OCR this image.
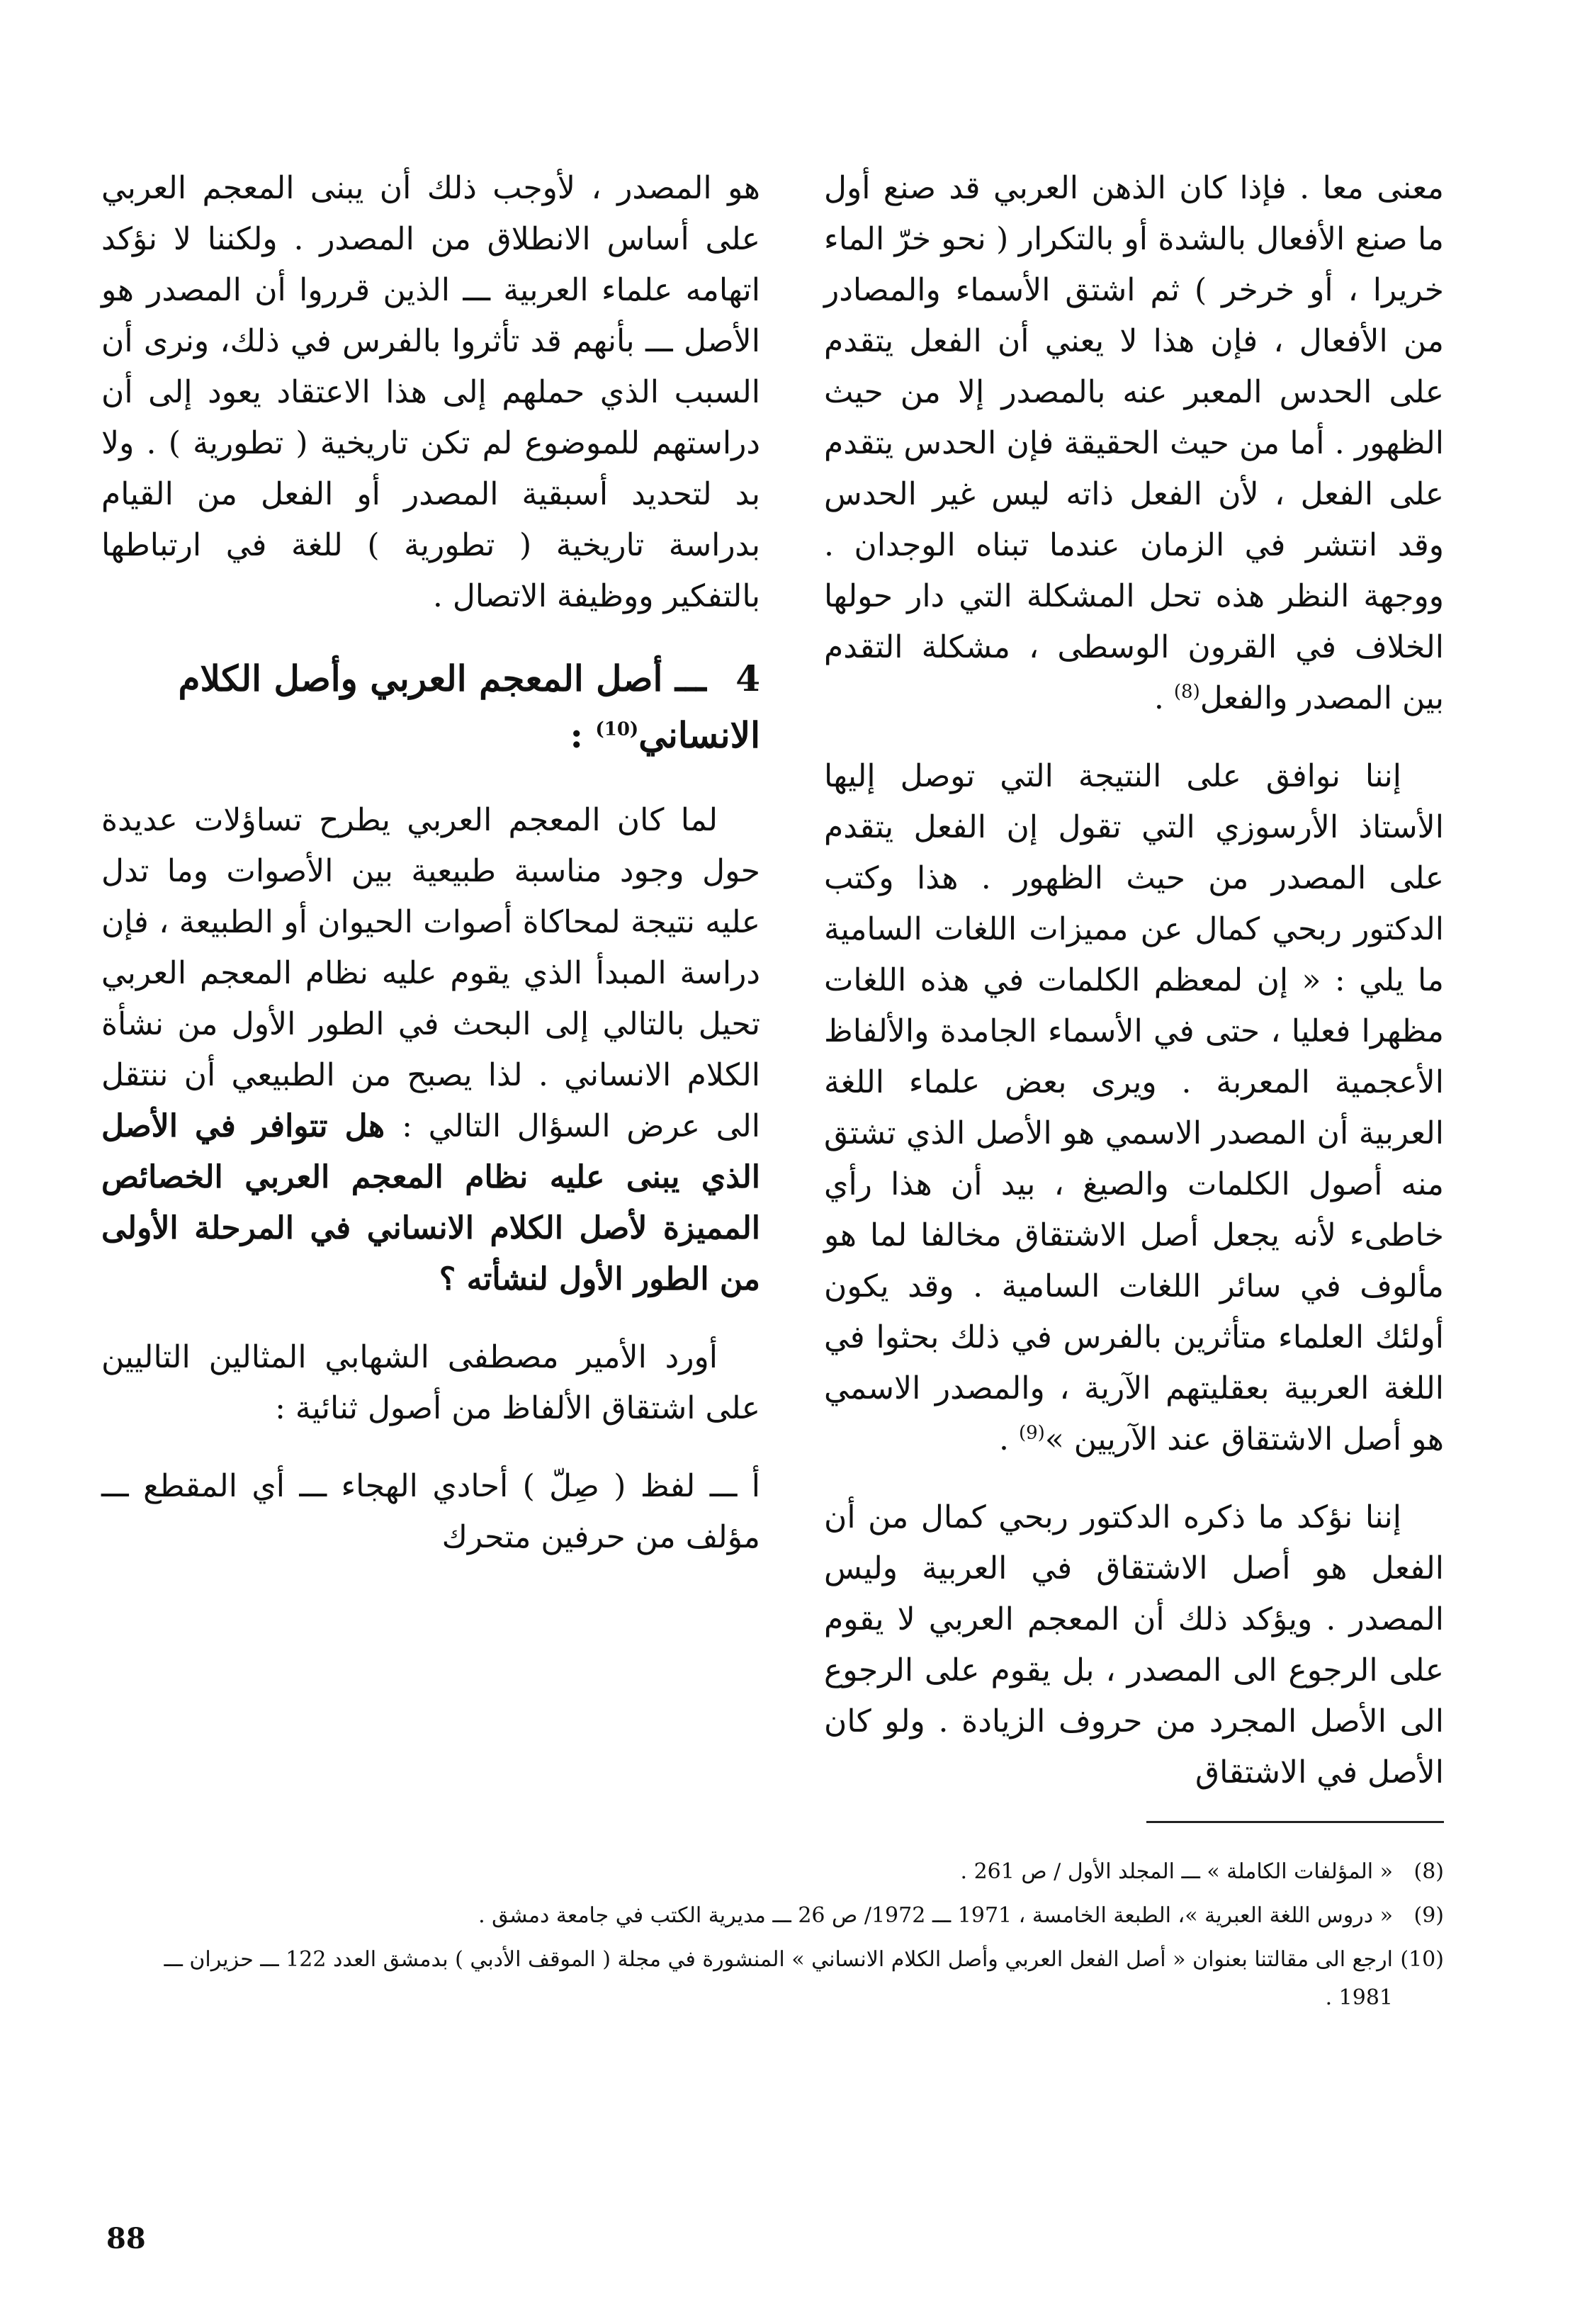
معنى معا . فإذا كان الذهن العربي قد صنع أول ما صنع الأفعال بالشدة أو بالتكرار ( نحو خرّ الماء خريرا ، أو خرخر ) ثم اشتق الأسماء والمصادر من الأفعال ، فإن هذا لا يعني أن الفعل يتقدم على الحدس المعبر عنه بالمصدر إلا من حيث الظهور . أما من حيث الحقيقة فإن الحدس يتقدم على الفعل ، لأن الفعل ذاته ليس غير الحدس وقد انتشر في الزمان عندما تبناه الوجدان . ووجهة النظر هذه تحل المشكلة التي دار حولها الخلاف في القرون الوسطى ، مشكلة التقدم بين المصدر والفعل$^{(8)}$ .

إننا نوافق على النتيجة التي توصل إليها الأستاذ الأرسوزي التي تقول إن الفعل يتقدم على المصدر من حيث الظهور . هذا وكتب الدكتور ربحي كمال عن مميزات اللغات السامية ما يلي : « إن لمعظم الكلمات في هذه اللغات مظهرا فعليا ، حتى في الأسماء الجامدة والألفاظ الأعجمية المعربة . ويرى بعض علماء اللغة العربية أن المصدر الاسمي هو الأصل الذي تشتق منه أصول الكلمات والصيغ ، بيد أن هذا رأي خاطىء لأنه يجعل أصل الاشتقاق مخالفا لما هو مألوف في سائر اللغات السامية . وقد يكون أولئك العلماء متأثرين بالفرس في ذلك بحثوا في اللغة العربية بعقليتهم الآرية ، والمصدر الاسمي هو أصل الاشتقاق عند الآريين »$^{(9)}$ .

إننا نؤكد ما ذكره الدكتور ربحي كمال من أن الفعل هو أصل الاشتقاق في العربية وليس المصدر . ويؤكد ذلك أن المعجم العربي لا يقوم على الرجوع الى المصدر ، بل يقوم على الرجوع الى الأصل المجرد من حروف الزيادة . ولو كان الأصل في الاشتقاق

هو المصدر ، لأوجب ذلك أن يبنى المعجم العربي على أساس الانطلاق من المصدر . ولكننا لا نؤكد اتهامه علماء العربية ـــ الذين قرروا أن المصدر هو الأصل ـــ بأنهم قد تأثروا بالفرس في ذلك، ونرى أن السبب الذي حملهم إلى هذا الاعتقاد يعود إلى أن دراستهم للموضوع لم تكن تاريخية ( تطورية ) . ولا بد لتحديد أسبقية المصدر أو الفعل من القيام بدراسة تاريخية ( تطورية ) للغة في ارتباطها بالتفكير ووظيفة الاتصال .

4 ـــ أصل المعجم العربي وأصل الكلام الانساني$^{(10)}$ :

لما كان المعجم العربي يطرح تساؤلات عديدة حول وجود مناسبة طبيعية بين الأصوات وما تدل عليه نتيجة لمحاكاة أصوات الحيوان أو الطبيعة ، فإن دراسة المبدأ الذي يقوم عليه نظام المعجم العربي تحيل بالتالي إلى البحث في الطور الأول من نشأة الكلام الانساني . لذا يصبح من الطبيعي أن ننتقل الى عرض السؤال التالي : هل تتوافر في الأصل الذي يبنى عليه نظام المعجم العربي الخصائص المميزة لأصل الكلام الانساني في المرحلة الأولى من الطور الأول لنشأته ؟

أورد الأمير مصطفى الشهابي المثالين التاليين على اشتقاق الألفاظ من أصول ثنائية :

أ ـــ لفظ ( صِلّ ) أحادي الهجاء ـــ أي المقطع ـــ مؤلف من حرفين متحرك

(8)
« المؤلفات الكاملة » ـــ المجلد الأول / ص 261 .
(9)
« دروس اللغة العبرية »، الطبعة الخامسة ، 1971 ـــ 1972/ ص 26 ـــ مديرية الكتب في جامعة دمشق .
(10)
ارجع الى مقالتنا بعنوان « أصل الفعل العربي وأصل الكلام الانساني » المنشورة في مجلة ( الموقف الأدبي ) بدمشق العدد 122 ـــ حزيران ـــ 1981 .
88
